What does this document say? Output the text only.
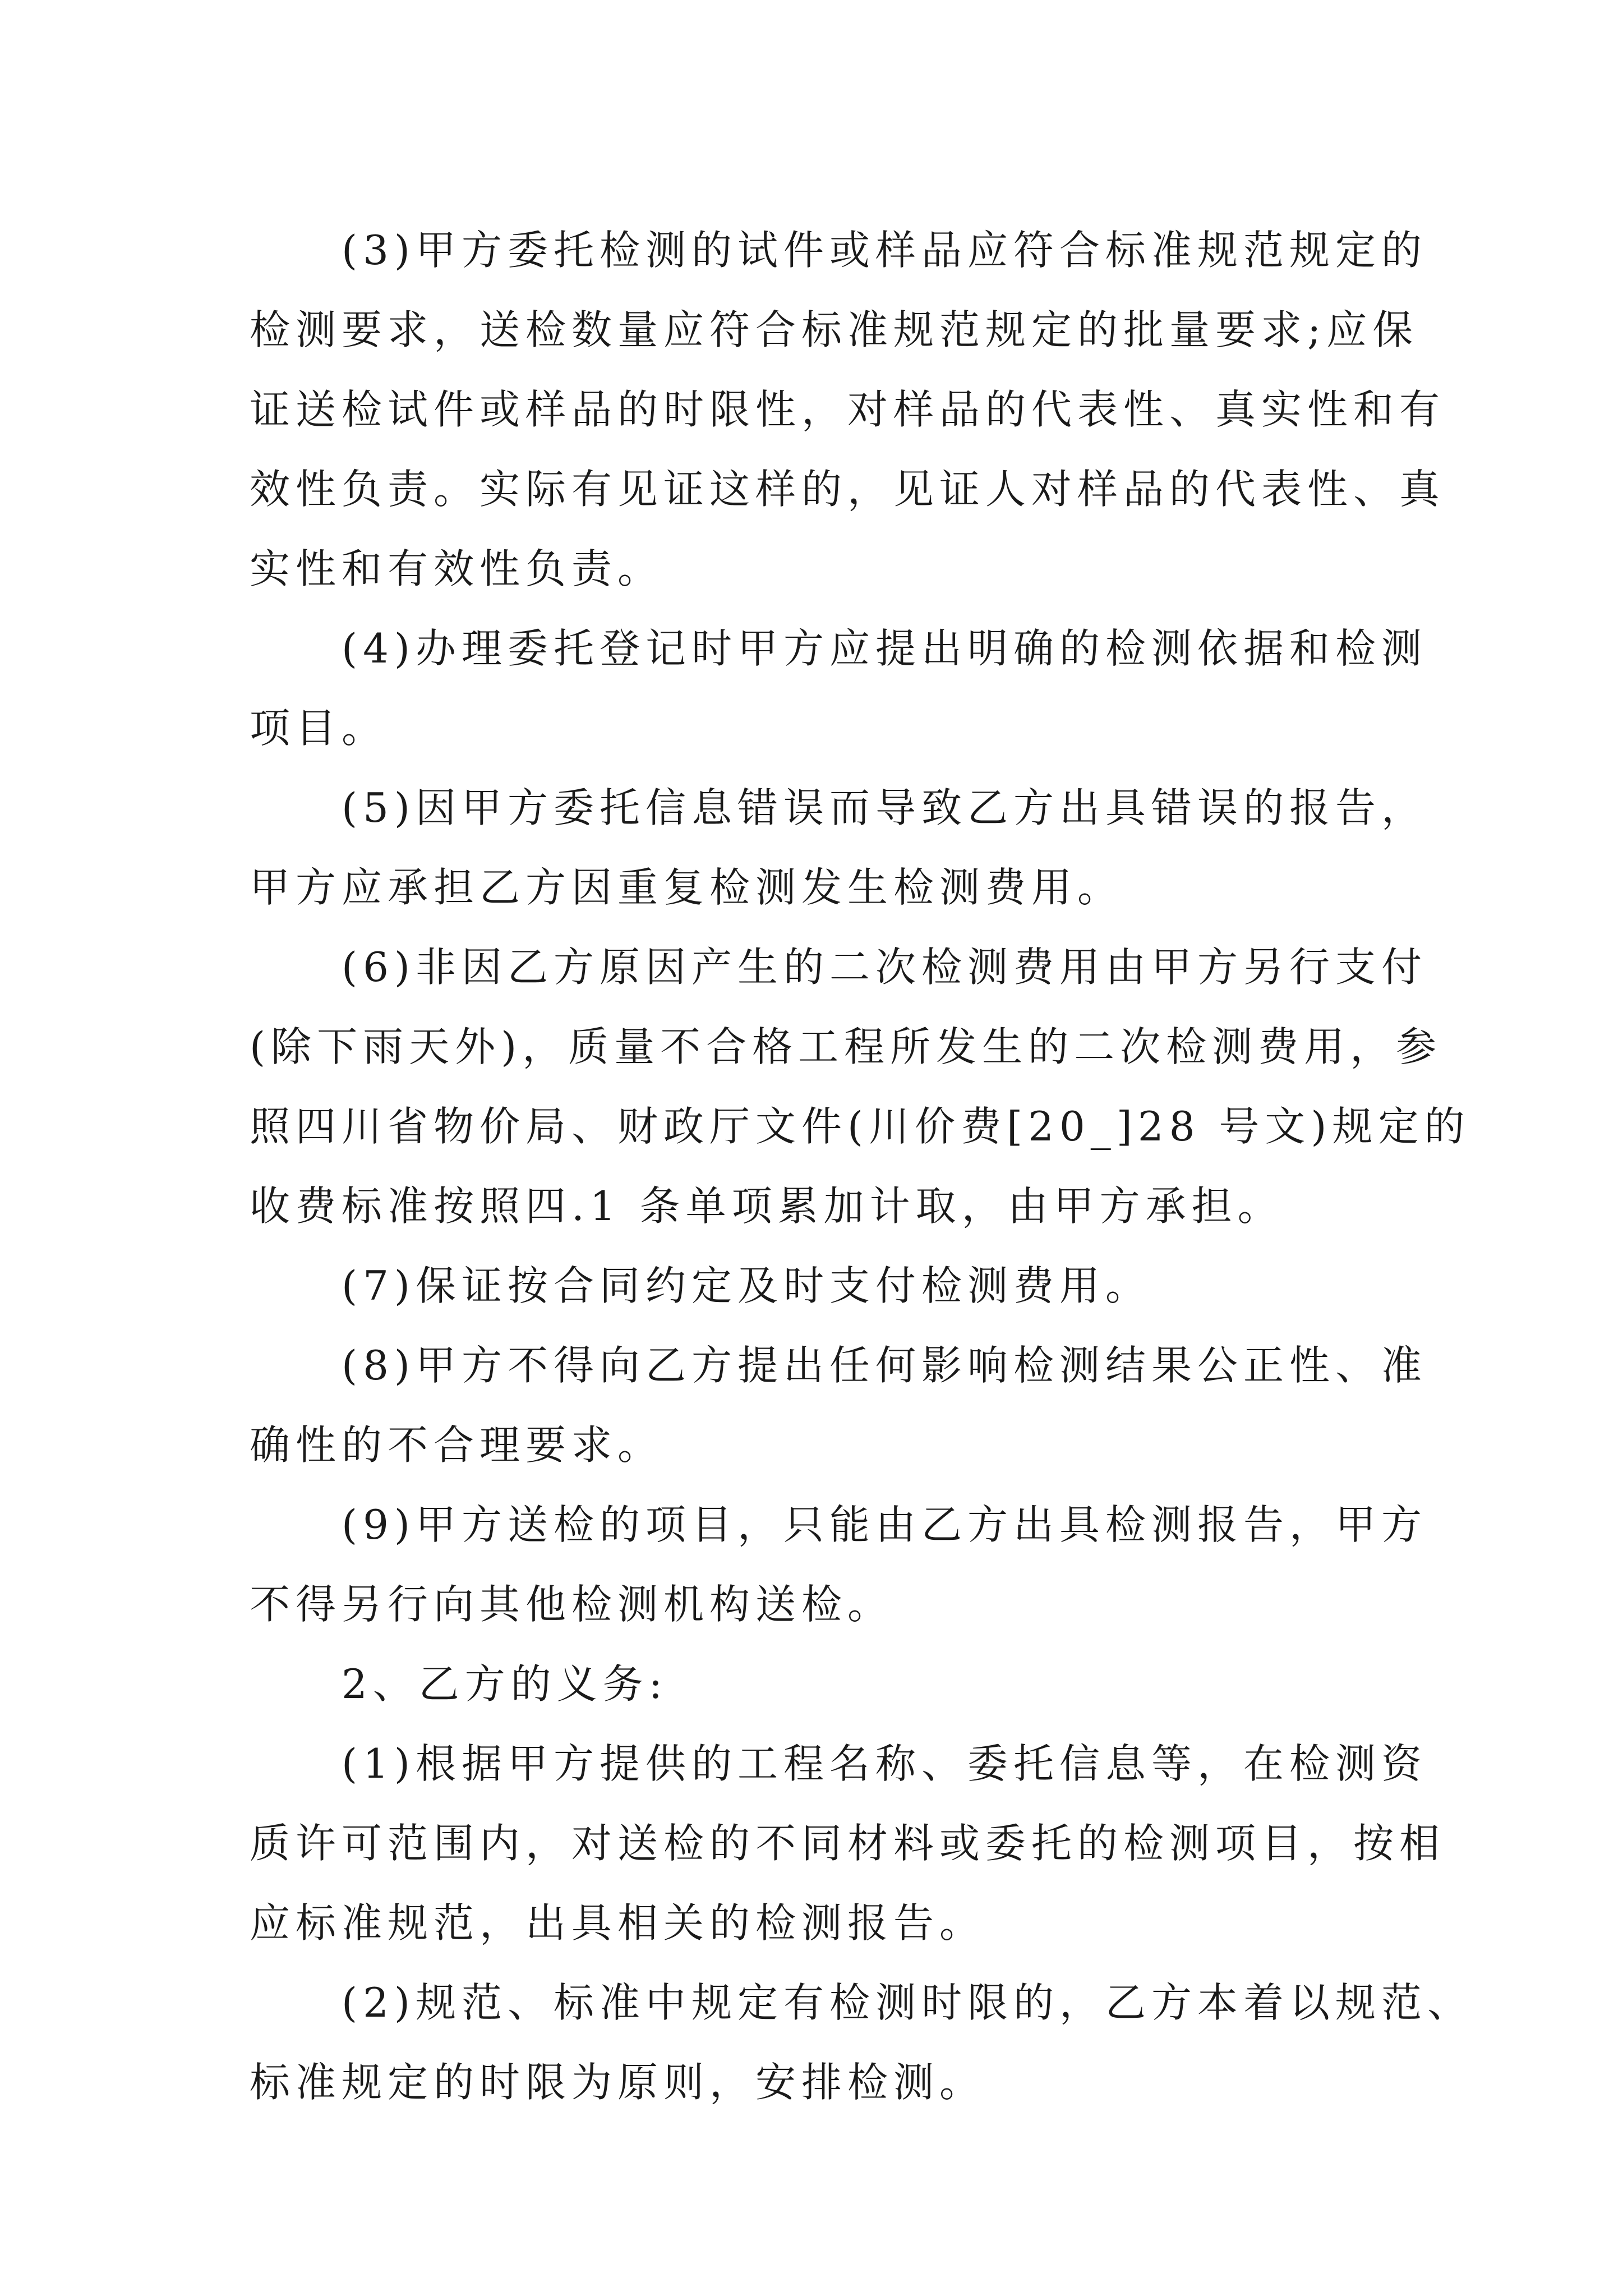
(3)甲方委托检测的试件或样品应符合标准规范规定的
检测要求，送检数量应符合标准规范规定的批量要求;应保
证送检试件或样品的时限性，对样品的代表性、真实性和有
效性负责。实际有见证这样的，见证人对样品的代表性、真
实性和有效性负责。

(4)办理委托登记时甲方应提出明确的检测依据和检测
项目。

(5)因甲方委托信息错误而导致乙方出具错误的报告，
甲方应承担乙方因重复检测发生检测费用。

(6)非因乙方原因产生的二次检测费用由甲方另行支付
(除下雨天外)，质量不合格工程所发生的二次检测费用，参
照四川省物价局、财政厅文件(川价费[20_]28 号文)规定的
收费标准按照四.1 条单项累加计取，由甲方承担。

(7)保证按合同约定及时支付检测费用。

(8)甲方不得向乙方提出任何影响检测结果公正性、准
确性的不合理要求。

(9)甲方送检的项目，只能由乙方出具检测报告，甲方
不得另行向其他检测机构送检。

2、乙方的义务:

(1)根据甲方提供的工程名称、委托信息等，在检测资
质许可范围内，对送检的不同材料或委托的检测项目，按相
应标准规范，出具相关的检测报告。

(2)规范、标准中规定有检测时限的，乙方本着以规范、
标准规定的时限为原则，安排检测。
